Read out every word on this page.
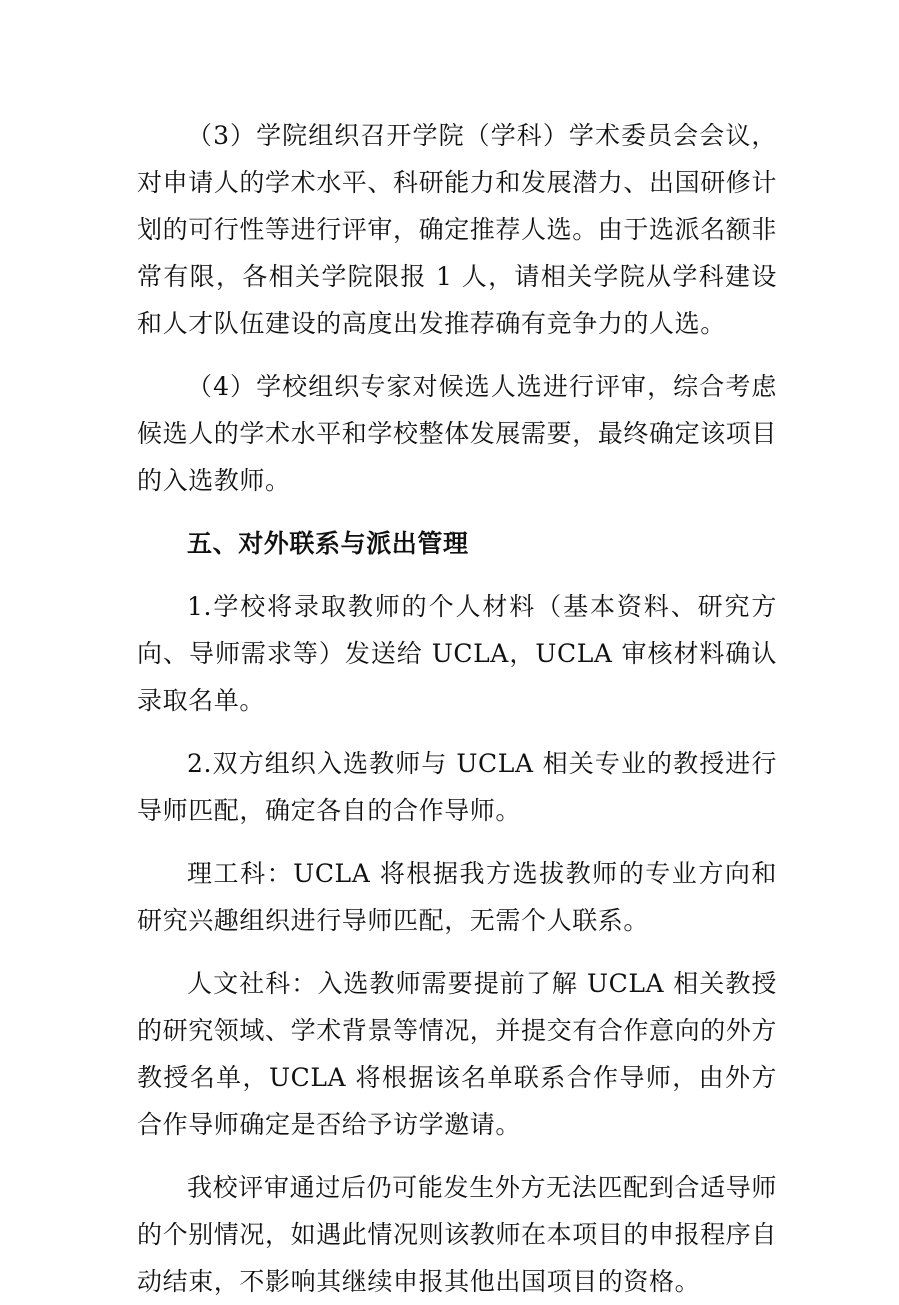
（3）学院组织召开学院（学科）学术委员会会议，对申请人的学术水平、科研能力和发展潜力、出国研修计划的可行性等进行评审，确定推荐人选。由于选派名额非常有限，各相关学院限报 1 人，请相关学院从学科建设和人才队伍建设的高度出发推荐确有竞争力的人选。

（4）学校组织专家对候选人选进行评审，综合考虑候选人的学术水平和学校整体发展需要，最终确定该项目的入选教师。

五、对外联系与派出管理

1.学校将录取教师的个人材料（基本资料、研究方向、导师需求等）发送给 UCLA，UCLA 审核材料确认录取名单。

2.双方组织入选教师与 UCLA 相关专业的教授进行导师匹配，确定各自的合作导师。

理工科：UCLA 将根据我方选拔教师的专业方向和研究兴趣组织进行导师匹配，无需个人联系。

人文社科：入选教师需要提前了解 UCLA 相关教授的研究领域、学术背景等情况，并提交有合作意向的外方教授名单，UCLA 将根据该名单联系合作导师，由外方合作导师确定是否给予访学邀请。

我校评审通过后仍可能发生外方无法匹配到合适导师的个别情况，如遇此情况则该教师在本项目的申报程序自动结束，不影响其继续申报其他出国项目的资格。
